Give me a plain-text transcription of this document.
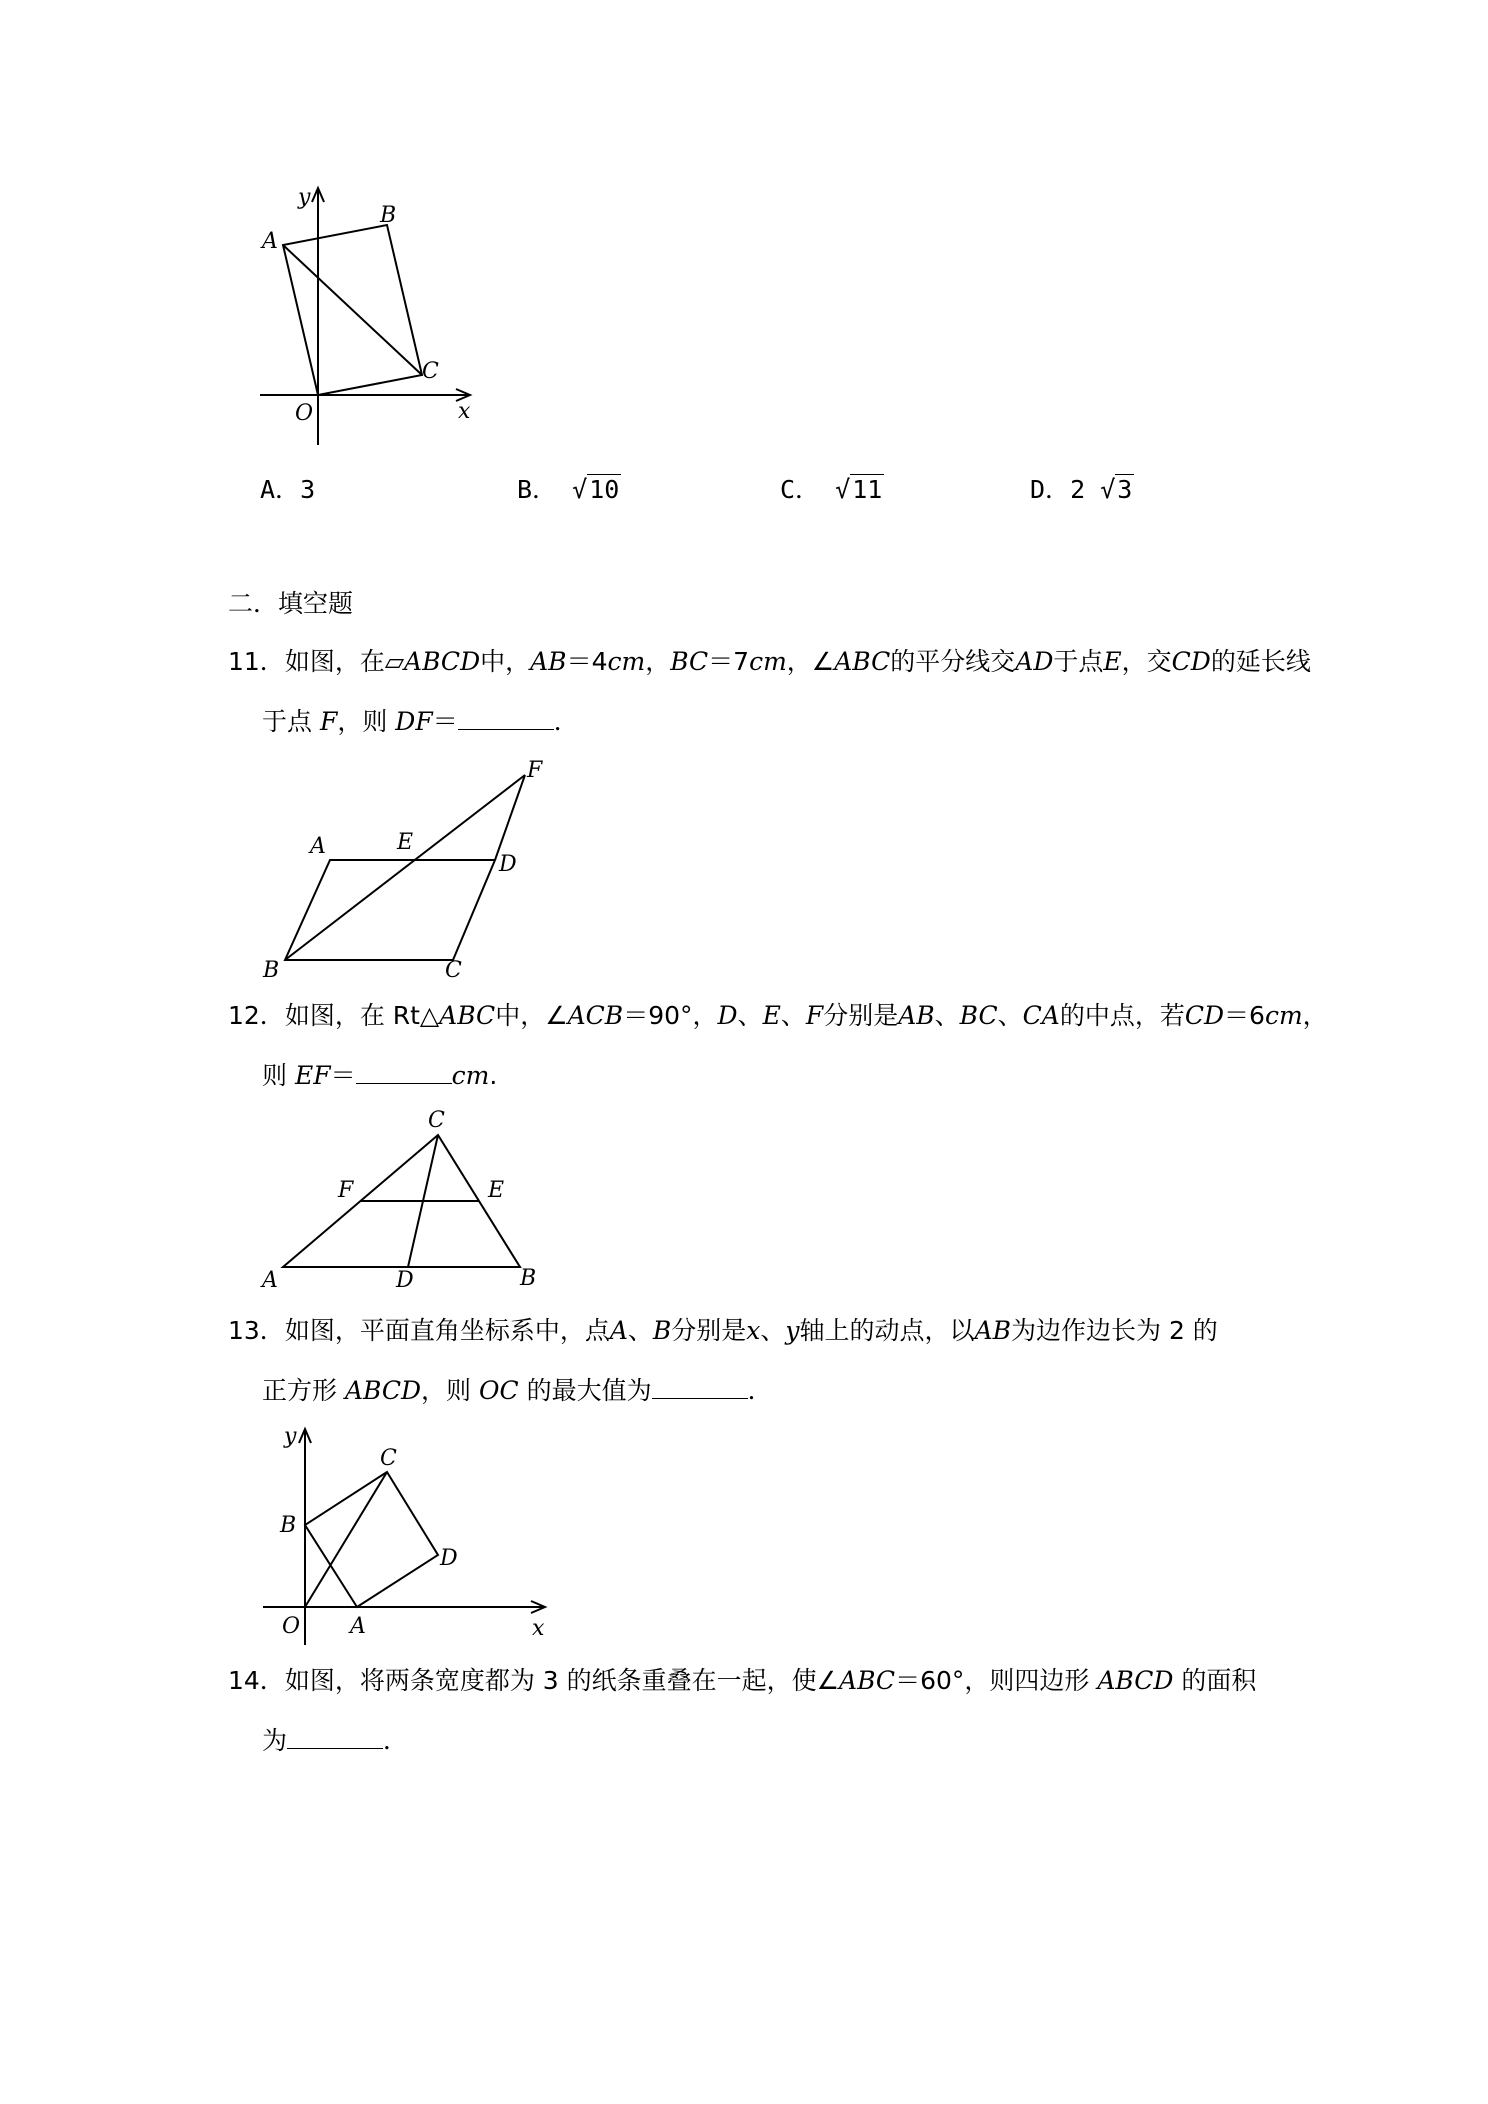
y
A
B
C
O	x
A．3	B． √10	C． √11	D．2 √3
二．填空题
11．如图，在▱ABCD中，AB＝4cm，BC＝7cm，∠ABC的平分线交AD于点E，交CD的延长线
于点 F，则 DF＝	．
F
A	E
D
B	C
12．如图，在 Rt△ABC中，∠ACB＝90°，D、E、F分别是AB、BC、CA的中点，若CD＝6cm，
则 EF＝	cm.
C
F	E
A	D	B
13．如图，平面直角坐标系中，点A、B分别是x、y轴上的动点，以AB为边作边长为 2 的
正方形 ABCD，则 OC 的最大值为	．
y
C
B
D
O A	x
14．如图，将两条宽度都为 3 的纸条重叠在一起，使∠ABC＝60°，则四边形 ABCD 的面积
为	．
